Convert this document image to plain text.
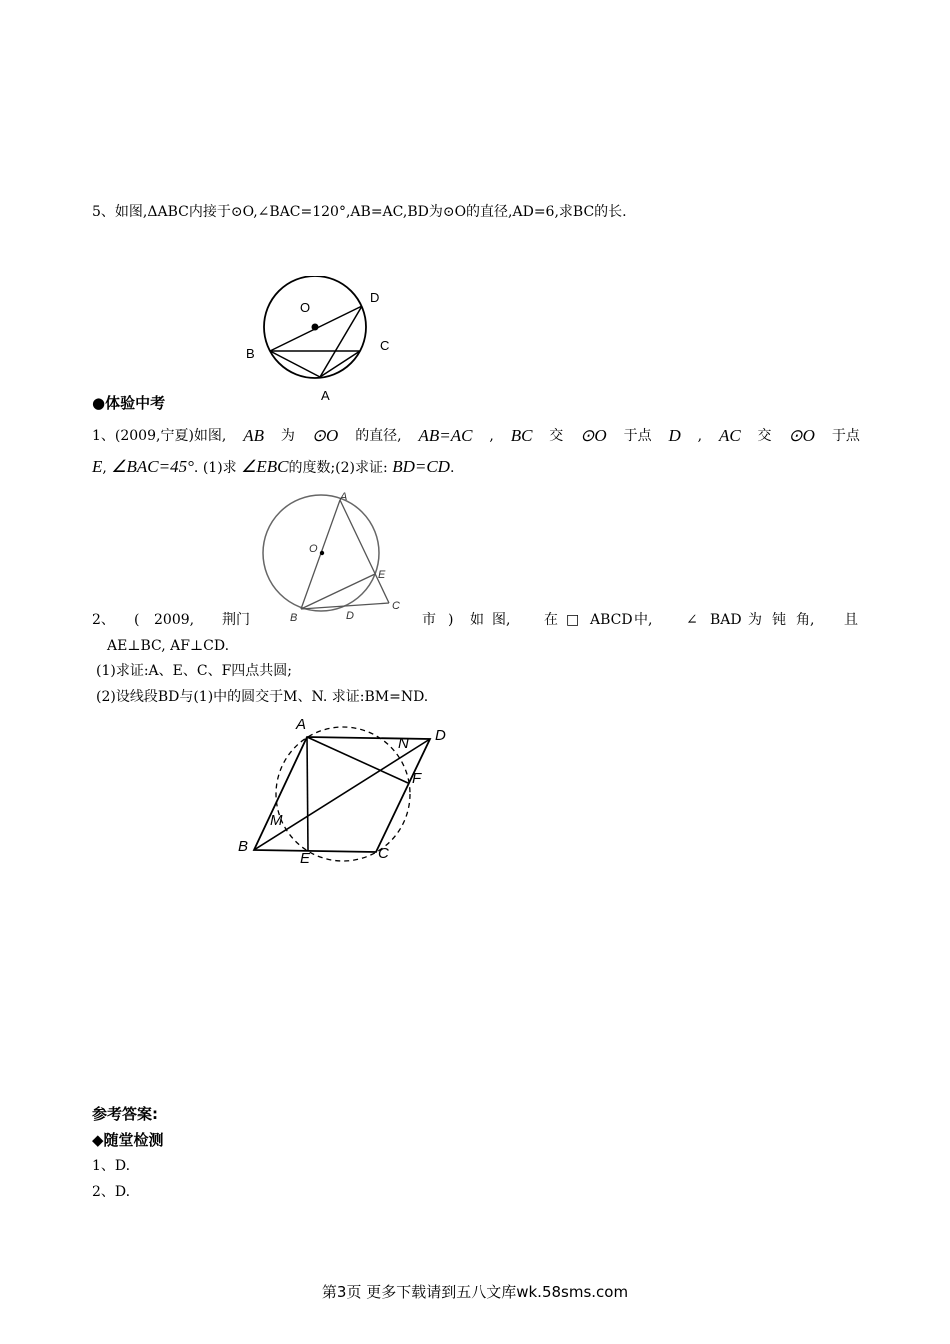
5、如图,ΔABC内接于⊙O,∠BAC=120°,AB=AC,BD为⊙O的直径,AD=6,求BC的长.
O
D
B
C
A
●体验中考
1、(2009,宁夏)如图, AB 为 ⊙O 的直径, AB=AC , BC 交 ⊙O 于点 D , AC 交 ⊙O 于点
E, ∠BAC=45°. (1)求 ∠EBC的度数;(2)求证: BD=CD.
A
O
E
C
B	D
2、 ( 2009, 荆门	市 ) 如 图, 在 □ ABCD 中, ∠ BAD 为 钝 角, 且
AE⊥BC, AF⊥CD.
(1)求证:A、E、C、F四点共圆;
(2)设线段BD与(1)中的圆交于M、N. 求证:BM=ND.
A
D
N
F
M
B
E	C
参考答案:
◆随堂检测
1、D.
2、D.
第3页 更多下载请到五八文库wk.58sms.com
